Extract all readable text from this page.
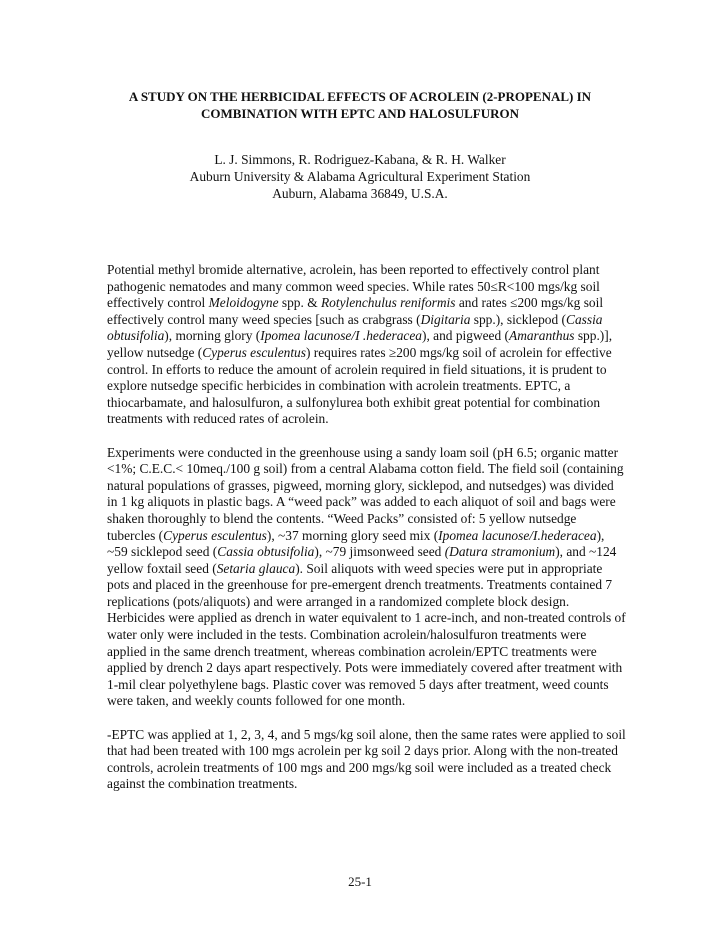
A STUDY ON THE HERBICIDAL EFFECTS OF ACROLEIN (2-PROPENAL) IN
COMBINATION WITH EPTC AND HALOSULFURON
L. J. Simmons, R. Rodriguez-Kabana, & R. H. Walker
Auburn University & Alabama Agricultural Experiment Station
Auburn, Alabama 36849, U.S.A.

Potential methyl bromide alternative, acrolein, has been reported to effectively control plant pathogenic nematodes and many common weed species. While rates 50≤R<100 mgs/kg soil effectively control Meloidogyne spp. & Rotylenchulus reniformis and rates ≤200 mgs/kg soil effectively control many weed species [such as crabgrass (Digitaria spp.), sicklepod (Cassia obtusifolia), morning glory (Ipomea lacunose/I .hederacea), and pigweed (Amaranthus spp.)], yellow nutsedge (Cyperus esculentus) requires rates ≥200 mgs/kg soil of acrolein for effective control. In efforts to reduce the amount of acrolein required in field situations, it is prudent to explore nutsedge specific herbicides in combination with acrolein treatments. EPTC, a thiocarbamate, and halosulfuron, a sulfonylurea both exhibit great potential for combination treatments with reduced rates of acrolein.

Experiments were conducted in the greenhouse using a sandy loam soil (pH 6.5; organic matter <1%; C.E.C.< 10meq./100 g soil) from a central Alabama cotton field. The field soil (containing natural populations of grasses, pigweed, morning glory, sicklepod, and nutsedges) was divided in 1 kg aliquots in plastic bags. A “weed pack” was added to each aliquot of soil and bags were shaken thoroughly to blend the contents. “Weed Packs” consisted of: 5 yellow nutsedge tubercles (Cyperus esculentus), ~37 morning glory seed mix (Ipomea lacunose/I.hederacea), ~59 sicklepod seed (Cassia obtusifolia), ~79 jimsonweed seed (Datura stramonium), and ~124 yellow foxtail seed (Setaria glauca). Soil aliquots with weed species were put in appropriate pots and placed in the greenhouse for pre-emergent drench treatments. Treatments contained 7 replications (pots/aliquots) and were arranged in a randomized complete block design. Herbicides were applied as drench in water equivalent to 1 acre-inch, and non-treated controls of water only were included in the tests. Combination acrolein/halosulfuron treatments were applied in the same drench treatment, whereas combination acrolein/EPTC treatments were applied by drench 2 days apart respectively. Pots were immediately covered after treatment with 1-mil clear polyethylene bags. Plastic cover was removed 5 days after treatment, weed counts were taken, and weekly counts followed for one month.

-EPTC was applied at 1, 2, 3, 4, and 5 mgs/kg soil alone, then the same rates were applied to soil that had been treated with 100 mgs acrolein per kg soil 2 days prior. Along with the non-treated controls, acrolein treatments of 100 mgs and 200 mgs/kg soil were included as a treated check against the combination treatments.

25-1
